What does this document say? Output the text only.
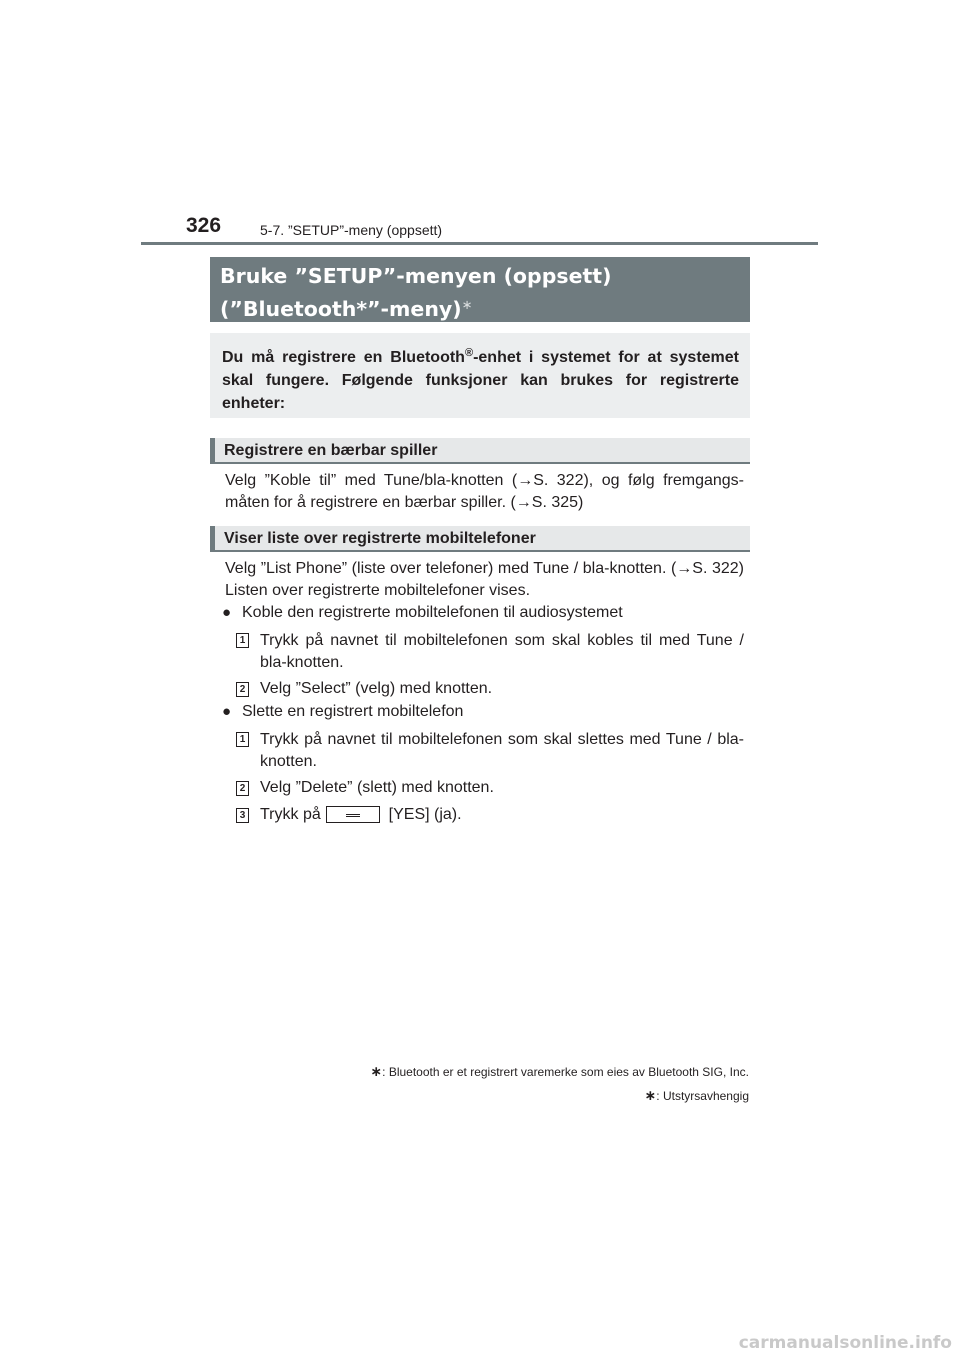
326	5-7. ”SETUP”-meny (oppsett)
Bruke ”SETUP”-menyen (oppsett)
(”Bluetooth*”-meny)∗

Du må registrere en Bluetooth®-enhet i systemet for at systemet skal fungere. Følgende funksjoner kan brukes for registrerte enheter:

Registrere en bærbar spiller

Velg ”Koble til” med Tune/bla-knotten (→S. 322), og følg fremgangs-måten for å registrere en bærbar spiller. (→S. 325)

Viser liste over registrerte mobiltelefoner

Velg ”List Phone” (liste over telefoner) med Tune / bla-knotten. (→S. 322) Listen over registrerte mobiltelefoner vises.

● Koble den registrerte mobiltelefonen til audiosystemet
1 Trykk på navnet til mobiltelefonen som skal kobles til med Tune / bla-knotten.

2 Velg ”Select” (velg) med knotten.

● Slette en registrert mobiltelefon
1 Trykk på navnet til mobiltelefonen som skal slettes med Tune / bla-knotten.

2 Velg ”Delete” (slett) med knotten.

3 Trykk på	[YES] (ja).

∗: Bluetooth er et registrert varemerke som eies av Bluetooth SIG, Inc.
∗: Utstyrsavhengig
carmanualsonline.info
